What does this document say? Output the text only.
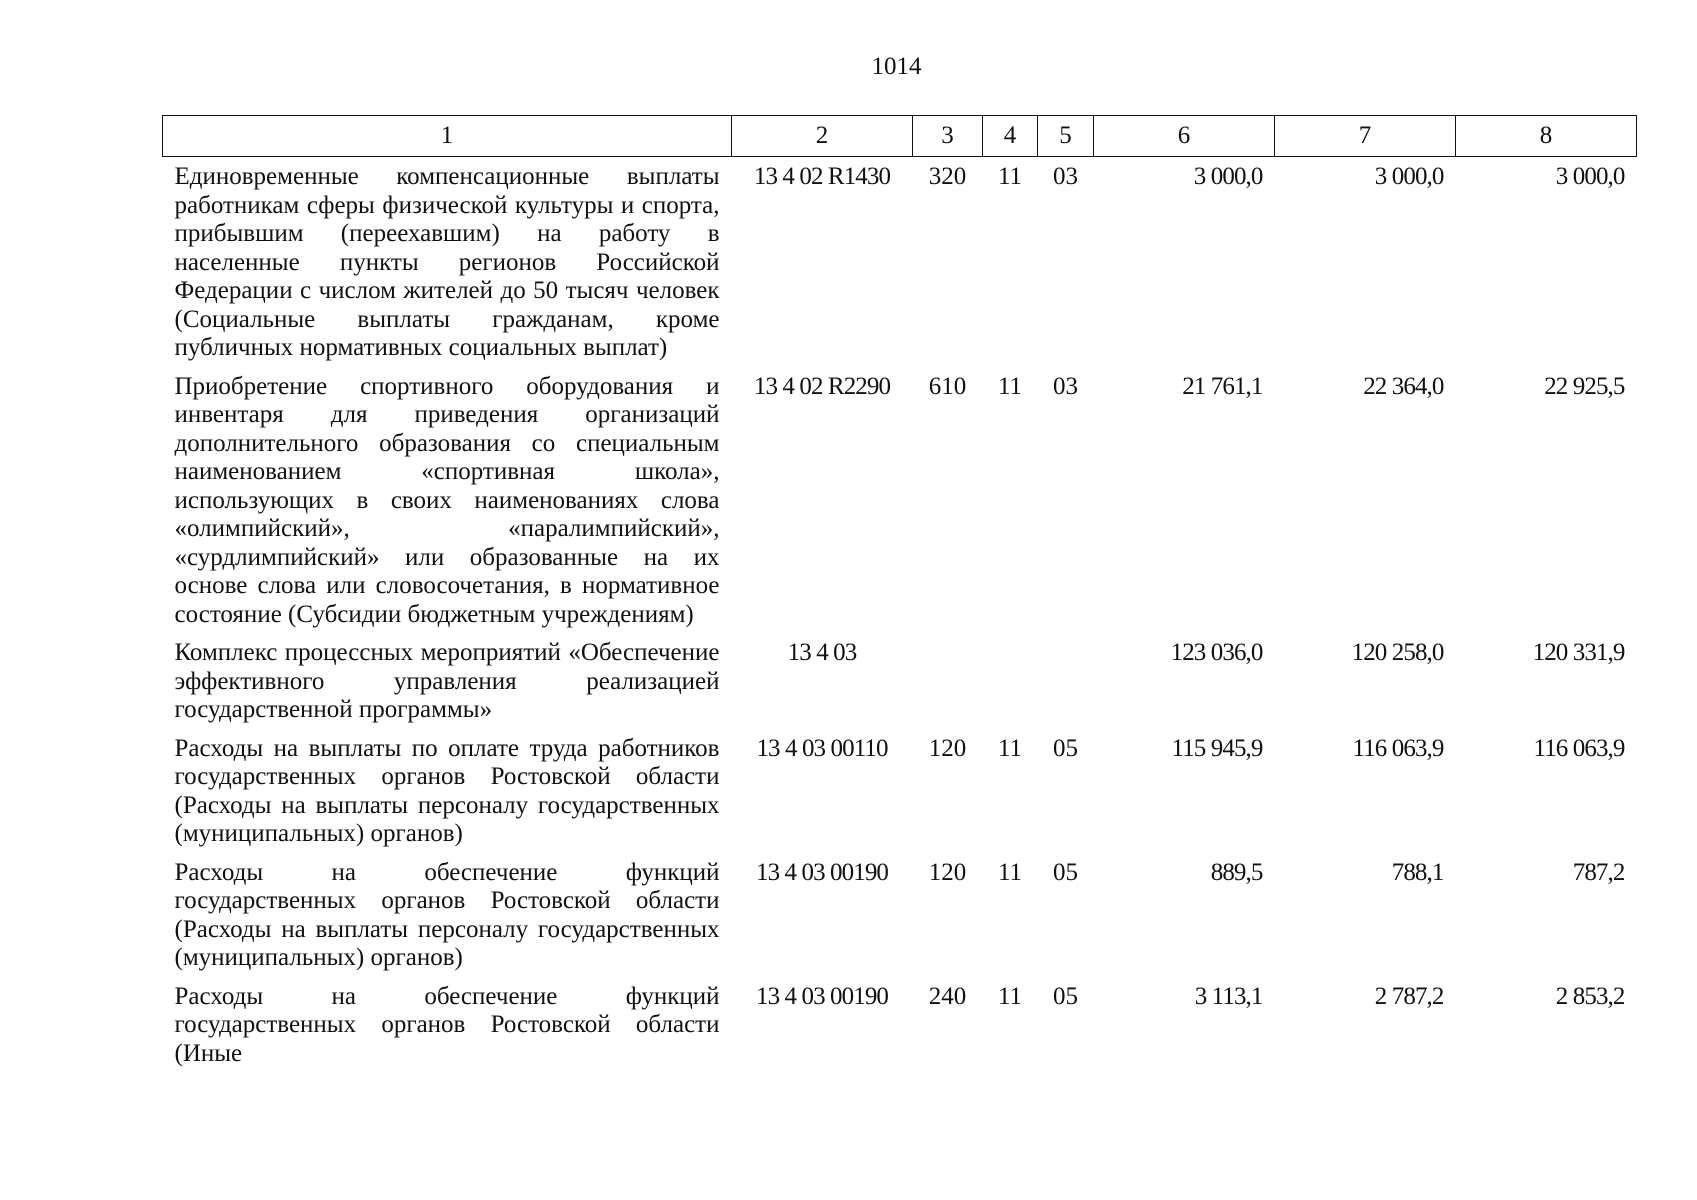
1014
1	2	3	4	5	6	7	8
Единовременные компенсационные выплаты работникам сферы физической культуры и спорта, прибывшим (переехавшим) на работу в населенные пункты регионов Российской Федерации с числом жителей до 50 тысяч человек (Социальные выплаты гражданам, кроме публичных нормативных социальных выплат)	13 4 02 R1430	320	11	03	3 000,0	3 000,0	3 000,0
Приобретение спортивного оборудования и инвентаря для приведения организаций дополнительного образования со специальным наименованием «спортивная школа», использующих в своих наименованиях слова «олимпийский», «паралимпийский», «сурдлимпийский» или образованные на их основе слова или словосочетания, в нормативное состояние (Субсидии бюджетным учреждениям)	13 4 02 R2290	610	11	03	21 761,1	22 364,0	22 925,5
Комплекс процессных мероприятий «Обеспечение эффективного управления реализацией государственной программы»	13 4 03				123 036,0	120 258,0	120 331,9
Расходы на выплаты по оплате труда работников государственных органов Ростовской области (Расходы на выплаты персоналу государственных (муниципальных) органов)	13 4 03 00110	120	11	05	115 945,9	116 063,9	116 063,9
Расходы на обеспечение функций государственных органов Ростовской области (Расходы на выплаты персоналу государственных (муниципальных) органов)	13 4 03 00190	120	11	05	889,5	788,1	787,2
Расходы на обеспечение функций государственных органов Ростовской области (Иные	13 4 03 00190	240	11	05	3 113,1	2 787,2	2 853,2
